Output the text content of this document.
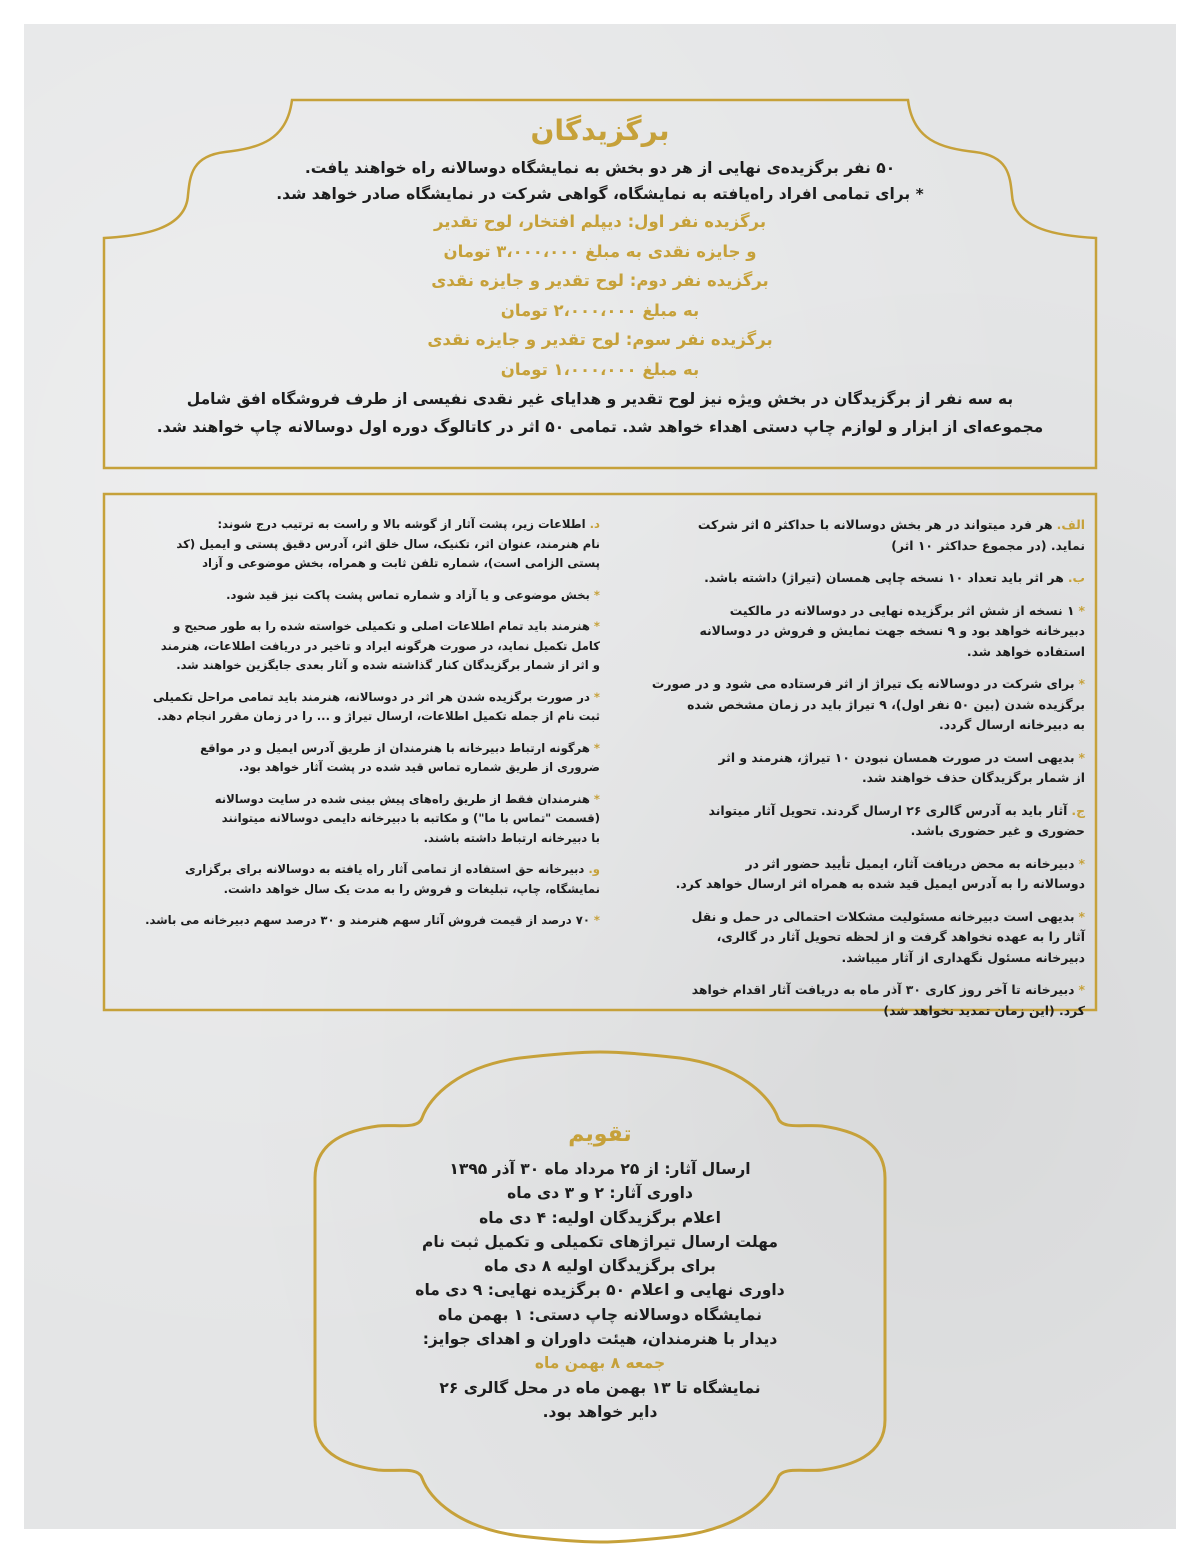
برگزیدگان
۵۰ نفر برگزیده‌ی نهایی از هر دو بخش به نمایشگاه دوسالانه راه خواهند یافت.
* برای تمامی افراد راه‌یافته به نمایشگاه، گواهی شرکت در نمایشگاه صادر خواهد شد.
برگزیده نفر اول: دیپلم افتخار، لوح تقدیر
و جایزه نقدی به مبلغ ۳،۰۰۰،۰۰۰ تومان
برگزیده نفر دوم: لوح تقدیر و جایزه نقدی
به مبلغ ۲،۰۰۰،۰۰۰ تومان
برگزیده نفر سوم: لوح تقدیر و جایزه نقدی
به مبلغ ۱،۰۰۰،۰۰۰ تومان
به سه نفر از برگزیدگان در بخش ویژه نیز لوح تقدیر و هدایای غیر نقدی نفیسی از طرف فروشگاه افق شامل
مجموعه‌ای از ابزار و لوازم چاپ دستی اهداء خواهد شد. تمامی ۵۰ اثر در کاتالوگ دوره اول دوسالانه چاپ خواهند شد.
الف.هر فرد میتواند در هر بخش دوسالانه با حداکثر ۵ اثر شرکت
نماید. (در مجموع حداکثر ۱۰ اثر)
ب.هر اثر باید تعداد ۱۰ نسخه چاپی همسان (تیراژ) داشته باشد.
*۱ نسخه از شش اثر برگزیده نهایی در دوسالانه در مالکیت
دبیرخانه خواهد بود و ۹ نسخه جهت نمایش و فروش در دوسالانه
استفاده خواهد شد.
*برای شرکت در دوسالانه یک تیراژ از اثر فرستاده می شود و در صورت
برگزیده شدن (بین ۵۰ نفر اول)، ۹ تیراژ باید در زمان مشخص شده
به دبیرخانه ارسال گردد.
*بدیهی است در صورت همسان نبودن ۱۰ تیراژ، هنرمند و اثر
از شمار برگزیدگان حذف خواهند شد.
ج.آثار باید به آدرس گالری ۲۶ ارسال گردند. تحویل آثار میتواند
حضوری و غیر حضوری باشد.
*دبیرخانه به محض دریافت آثار، ایمیل تأیید حضور اثر در
دوسالانه را به آدرس ایمیل قید شده به همراه اثر ارسال خواهد کرد.
*بدیهی است دبیرخانه مسئولیت مشکلات احتمالی در حمل و نقل
آثار را به عهده نخواهد گرفت و از لحظه تحویل آثار در گالری،
دبیرخانه مسئول نگهداری از آثار میباشد.
*دبیرخانه تا آخر روز کاری ۳۰ آذر ماه به دریافت آثار اقدام خواهد
کرد. (این زمان تمدید نخواهد شد)
د.اطلاعات زیر، پشت آثار از گوشه بالا و راست به ترتیب درج شوند:
نام هنرمند، عنوان اثر، تکنیک، سال خلق اثر، آدرس دقیق پستی و ایمیل (کد
پستی الزامی است)، شماره تلفن ثابت و همراه، بخش موضوعی و آزاد
*بخش موضوعی و یا آزاد و شماره تماس پشت پاکت نیز قید شود.
*هنرمند باید تمام اطلاعات اصلی و تکمیلی خواسته شده را به طور صحیح و
کامل تکمیل نماید، در صورت هرگونه ایراد و تاخیر در دریافت اطلاعات، هنرمند
و اثر از شمار برگزیدگان کنار گذاشته شده و آثار بعدی جایگزین خواهند شد.
*در صورت برگزیده شدن هر اثر در دوسالانه، هنرمند باید تمامی مراحل تکمیلی
ثبت نام از جمله تکمیل اطلاعات، ارسال تیراژ و ... را در زمان مقرر انجام دهد.
*هرگونه ارتباط دبیرخانه با هنرمندان از طریق آدرس ایمیل و در مواقع
ضروری از طریق شماره تماس قید شده در پشت آثار خواهد بود.
*هنرمندان فقط از طریق راه‌های پیش بینی شده در سایت دوسالانه
(قسمت "تماس با ما") و مکاتبه با دبیرخانه دایمی دوسالانه میتوانند
با دبیرخانه ارتباط داشته باشند.
و.دبیرخانه حق استفاده از تمامی آثار راه یافته به دوسالانه برای برگزاری
نمایشگاه، چاپ، تبلیغات و فروش را به مدت یک سال خواهد داشت.
*۷۰ درصد از قیمت فروش آثار سهم هنرمند و ۳۰ درصد سهم دبیرخانه می باشد.
تقویم
ارسال آثار: از ۲۵ مرداد ماه ۳۰ آذر ۱۳۹۵
داوری آثار: ۲ و ۳ دی ماه
اعلام برگزیدگان اولیه: ۴ دی ماه
مهلت ارسال تیراژهای تکمیلی و تکمیل ثبت نام
برای برگزیدگان اولیه ۸ دی ماه
داوری نهایی و اعلام ۵۰ برگزیده نهایی: ۹ دی ماه
نمایشگاه دوسالانه چاپ دستی: ۱ بهمن ماه
دیدار با هنرمندان، هیئت داوران و اهدای جوایز:
جمعه ۸ بهمن ماه
نمایشگاه تا ۱۳ بهمن ماه در محل گالری ۲۶
دایر خواهد بود.
